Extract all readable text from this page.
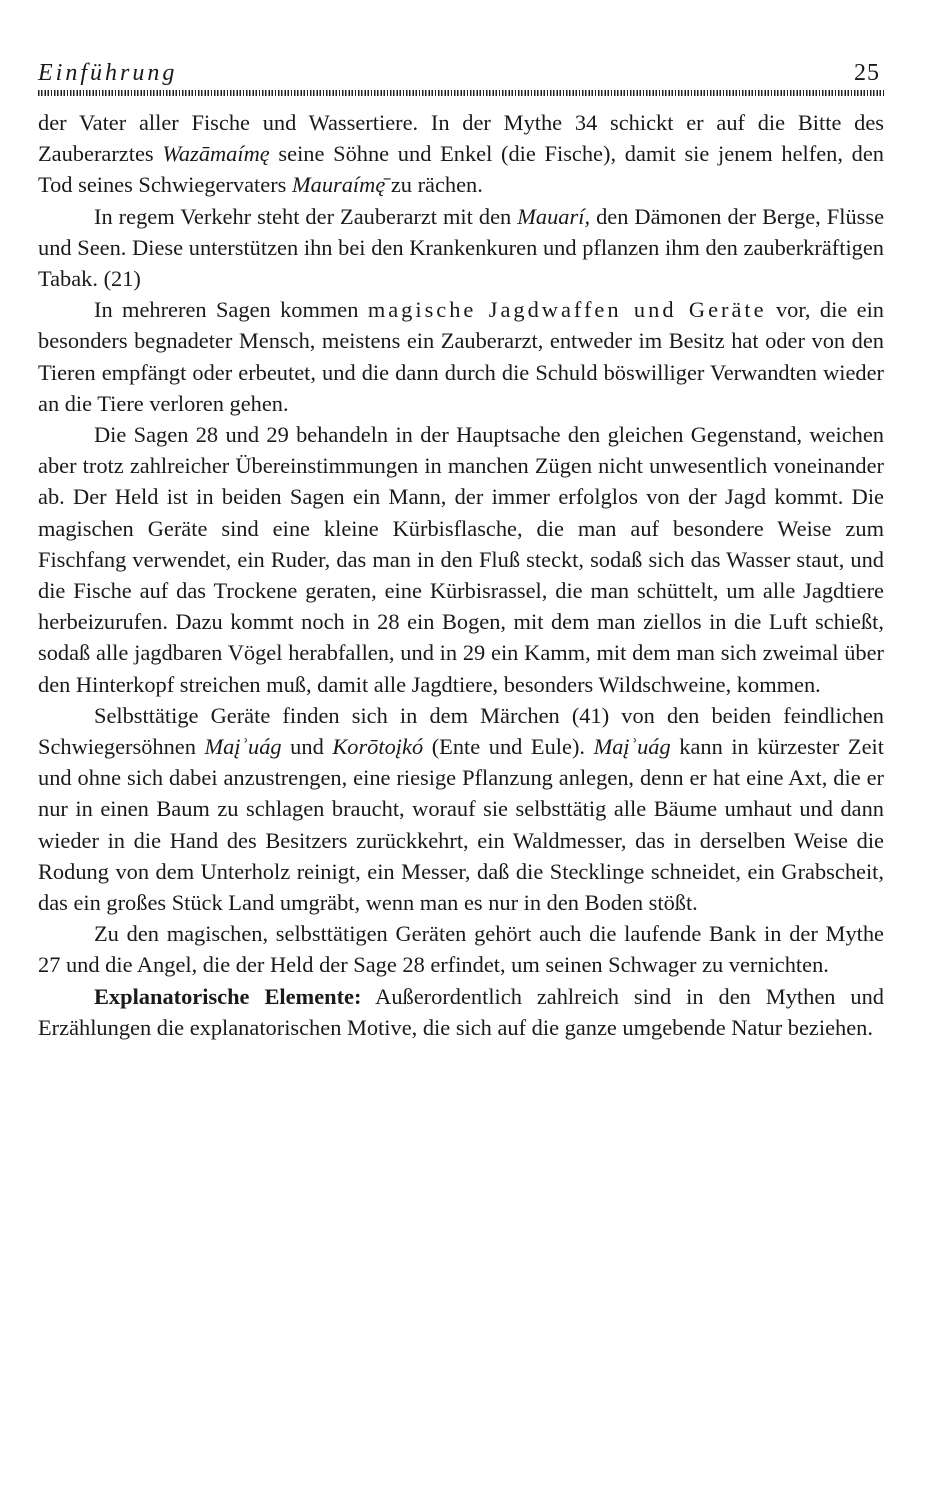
Einführung	25

der Vater aller Fische und Wassertiere. In der Mythe 34 schickt er auf die Bitte des Zauberarztes Wazāmaímę seine Söhne und Enkel (die Fische), damit sie jenem helfen, den Tod seines Schwiegervaters Mauraímę̄ zu rächen.

In regem Verkehr steht der Zauberarzt mit den Mauarí, den Dämonen der Berge, Flüsse und Seen. Diese unterstützen ihn bei den Krankenkuren und pflanzen ihm den zauberkräftigen Tabak. (21)

In mehreren Sagen kommen magische Jagdwaffen und Geräte vor, die ein besonders begnadeter Mensch, meistens ein Zauberarzt, entweder im Besitz hat oder von den Tieren empfängt oder erbeutet, und die dann durch die Schuld böswilliger Verwandten wieder an die Tiere verloren gehen.

Die Sagen 28 und 29 behandeln in der Hauptsache den gleichen Gegenstand, weichen aber trotz zahlreicher Übereinstimmungen in manchen Zügen nicht unwesentlich voneinander ab. Der Held ist in beiden Sagen ein Mann, der immer erfolglos von der Jagd kommt. Die magischen Geräte sind eine kleine Kürbisflasche, die man auf besondere Weise zum Fischfang verwendet, ein Ruder, das man in den Fluß steckt, sodaß sich das Wasser staut, und die Fische auf das Trockene geraten, eine Kürbisrassel, die man schüttelt, um alle Jagdtiere herbeizurufen. Dazu kommt noch in 28 ein Bogen, mit dem man ziellos in die Luft schießt, sodaß alle jagdbaren Vögel herabfallen, und in 29 ein Kamm, mit dem man sich zweimal über den Hinterkopf streichen muß, damit alle Jagdtiere, besonders Wildschweine, kommen.

Selbsttätige Geräte finden sich in dem Märchen (41) von den beiden feindlichen Schwiegersöhnen Maįʾuág und Korōtoįkó (Ente und Eule). Maįʾuág kann in kürzester Zeit und ohne sich dabei anzustrengen, eine riesige Pflanzung anlegen, denn er hat eine Axt, die er nur in einen Baum zu schlagen braucht, worauf sie selbsttätig alle Bäume umhaut und dann wieder in die Hand des Besitzers zurückkehrt, ein Waldmesser, das in derselben Weise die Rodung von dem Unterholz reinigt, ein Messer, daß die Stecklinge schneidet, ein Grabscheit, das ein großes Stück Land umgräbt, wenn man es nur in den Boden stößt.

Zu den magischen, selbsttätigen Geräten gehört auch die laufende Bank in der Mythe 27 und die Angel, die der Held der Sage 28 erfindet, um seinen Schwager zu vernichten.

Explanatorische Elemente: Außerordentlich zahlreich sind in den Mythen und Erzählungen die explanatorischen Motive, die sich auf die ganze umgebende Natur beziehen.
